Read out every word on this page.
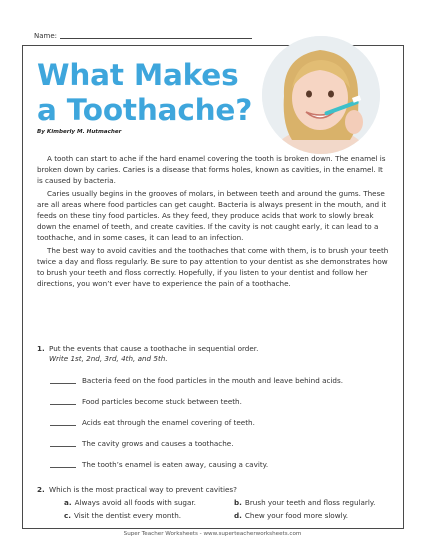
Name:
What Makes
a Toothache?
By Kimberly M. Hutmacher

A tooth can start to ache if the hard enamel covering the tooth is broken down. The enamel is broken down by caries. Caries is a disease that forms holes, known as cavities, in the enamel. It is caused by bacteria.

Caries usually begins in the grooves of molars, in between teeth and around the gums. These are all areas where food particles can get caught. Bacteria is always present in the mouth, and it feeds on these tiny food particles. As they feed, they produce acids that work to slowly break down the enamel of teeth, and create cavities. If the cavity is not caught early, it can lead to a toothache, and in some cases, it can lead to an infection.

The best way to avoid cavities and the toothaches that come with them, is to brush your teeth twice a day and floss regularly. Be sure to pay attention to your dentist as she demonstrates how to brush your teeth and floss correctly. Hopefully, if you listen to your dentist and follow her directions, you won’t ever have to experience the pain of a toothache.

1. Put the events that cause a toothache in sequential order.
Write 1st, 2nd, 3rd, 4th, and 5th.
Bacteria feed on the food particles in the mouth and leave behind acids.
Food particles become stuck between teeth.
Acids eat through the enamel covering of teeth.
The cavity grows and causes a toothache.
The tooth’s enamel is eaten away, causing a cavity.
2. Which is the most practical way to prevent cavities?
a. Always avoid all foods with sugar.	b. Brush your teeth and floss regularly.
c. Visit the dentist every month.	d. Chew your food more slowly.
Super Teacher Worksheets - www.superteacherworksheets.com
